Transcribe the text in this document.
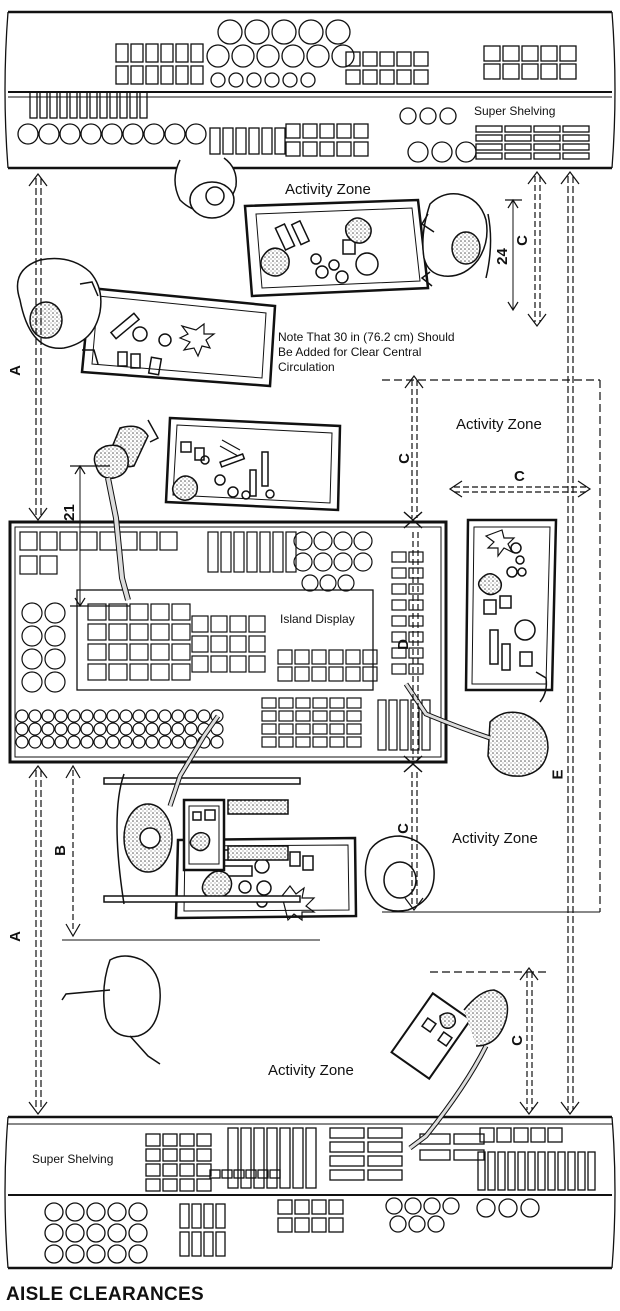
Super Shelving
Super Shelving
Island Display
Activity Zone
Activity Zone
Activity Zone
Activity Zone
Note That 30 in (76.2 cm) Should Be Added for Clear Central Circulation
A
A
B
C
24
C
C
D
C
E
C
21
AISLE CLEARANCES
